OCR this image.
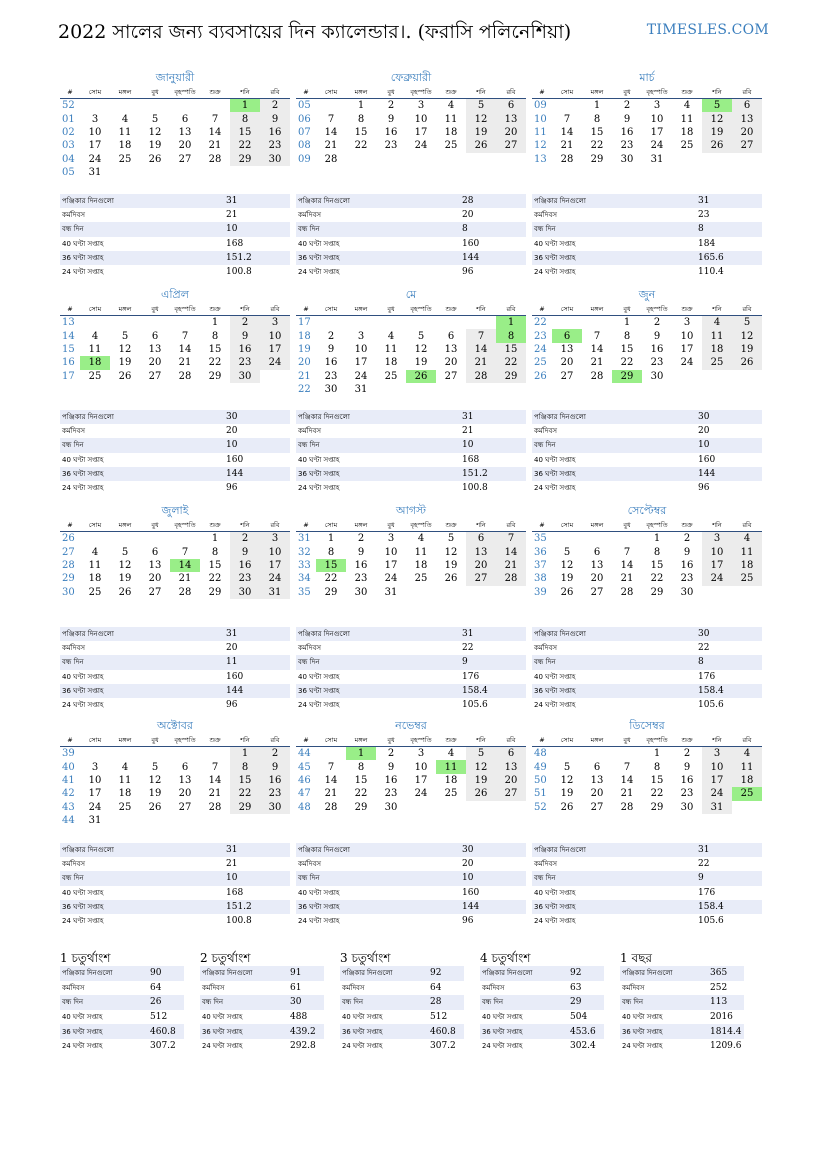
2022 সালের জন্য ব্যবসায়ের দিন ক্যালেন্ডার।. (ফরাসি পলিনেশিয়া)	TIMESLES.COM
জানুয়ারী
#	সোম	মঙ্গল	বুধ	বৃহস্পতি	শুক্র	শনি	রবি
52						1	2
01	3	4	5	6	7	8	9
02	10	11	12	13	14	15	16
03	17	18	19	20	21	22	23
04	24	25	26	27	28	29	30
05	31						
পঞ্জিকার দিনগুলো	31
কর্মদিবস	21
বন্ধ দিন	10
40 ঘণ্টা সপ্তাহ	168
36 ঘণ্টা সপ্তাহ	151.2
24 ঘণ্টা সপ্তাহ	100.8
ফেব্রুয়ারী
#	সোম	মঙ্গল	বুধ	বৃহস্পতি	শুক্র	শনি	রবি
05		1	2	3	4	5	6
06	7	8	9	10	11	12	13
07	14	15	16	17	18	19	20
08	21	22	23	24	25	26	27
09	28						
পঞ্জিকার দিনগুলো	28
কর্মদিবস	20
বন্ধ দিন	8
40 ঘণ্টা সপ্তাহ	160
36 ঘণ্টা সপ্তাহ	144
24 ঘণ্টা সপ্তাহ	96
মার্চ
#	সোম	মঙ্গল	বুধ	বৃহস্পতি	শুক্র	শনি	রবি
09		1	2	3	4	5	6
10	7	8	9	10	11	12	13
11	14	15	16	17	18	19	20
12	21	22	23	24	25	26	27
13	28	29	30	31			
পঞ্জিকার দিনগুলো	31
কর্মদিবস	23
বন্ধ দিন	8
40 ঘণ্টা সপ্তাহ	184
36 ঘণ্টা সপ্তাহ	165.6
24 ঘণ্টা সপ্তাহ	110.4
এপ্রিল
#	সোম	মঙ্গল	বুধ	বৃহস্পতি	শুক্র	শনি	রবি
13					1	2	3
14	4	5	6	7	8	9	10
15	11	12	13	14	15	16	17
16	18	19	20	21	22	23	24
17	25	26	27	28	29	30	
পঞ্জিকার দিনগুলো	30
কর্মদিবস	20
বন্ধ দিন	10
40 ঘণ্টা সপ্তাহ	160
36 ঘণ্টা সপ্তাহ	144
24 ঘণ্টা সপ্তাহ	96
মে
#	সোম	মঙ্গল	বুধ	বৃহস্পতি	শুক্র	শনি	রবি
17							1
18	2	3	4	5	6	7	8
19	9	10	11	12	13	14	15
20	16	17	18	19	20	21	22
21	23	24	25	26	27	28	29
22	30	31					
পঞ্জিকার দিনগুলো	31
কর্মদিবস	21
বন্ধ দিন	10
40 ঘণ্টা সপ্তাহ	168
36 ঘণ্টা সপ্তাহ	151.2
24 ঘণ্টা সপ্তাহ	100.8
জুন
#	সোম	মঙ্গল	বুধ	বৃহস্পতি	শুক্র	শনি	রবি
22			1	2	3	4	5
23	6	7	8	9	10	11	12
24	13	14	15	16	17	18	19
25	20	21	22	23	24	25	26
26	27	28	29	30			
পঞ্জিকার দিনগুলো	30
কর্মদিবস	20
বন্ধ দিন	10
40 ঘণ্টা সপ্তাহ	160
36 ঘণ্টা সপ্তাহ	144
24 ঘণ্টা সপ্তাহ	96
জুলাই
#	সোম	মঙ্গল	বুধ	বৃহস্পতি	শুক্র	শনি	রবি
26					1	2	3
27	4	5	6	7	8	9	10
28	11	12	13	14	15	16	17
29	18	19	20	21	22	23	24
30	25	26	27	28	29	30	31
পঞ্জিকার দিনগুলো	31
কর্মদিবস	20
বন্ধ দিন	11
40 ঘণ্টা সপ্তাহ	160
36 ঘণ্টা সপ্তাহ	144
24 ঘণ্টা সপ্তাহ	96
আগস্ট
#	সোম	মঙ্গল	বুধ	বৃহস্পতি	শুক্র	শনি	রবি
31	1	2	3	4	5	6	7
32	8	9	10	11	12	13	14
33	15	16	17	18	19	20	21
34	22	23	24	25	26	27	28
35	29	30	31				
পঞ্জিকার দিনগুলো	31
কর্মদিবস	22
বন্ধ দিন	9
40 ঘণ্টা সপ্তাহ	176
36 ঘণ্টা সপ্তাহ	158.4
24 ঘণ্টা সপ্তাহ	105.6
সেপ্টেম্বর
#	সোম	মঙ্গল	বুধ	বৃহস্পতি	শুক্র	শনি	রবি
35				1	2	3	4
36	5	6	7	8	9	10	11
37	12	13	14	15	16	17	18
38	19	20	21	22	23	24	25
39	26	27	28	29	30		
পঞ্জিকার দিনগুলো	30
কর্মদিবস	22
বন্ধ দিন	8
40 ঘণ্টা সপ্তাহ	176
36 ঘণ্টা সপ্তাহ	158.4
24 ঘণ্টা সপ্তাহ	105.6
অক্টোবর
#	সোম	মঙ্গল	বুধ	বৃহস্পতি	শুক্র	শনি	রবি
39						1	2
40	3	4	5	6	7	8	9
41	10	11	12	13	14	15	16
42	17	18	19	20	21	22	23
43	24	25	26	27	28	29	30
44	31						
পঞ্জিকার দিনগুলো	31
কর্মদিবস	21
বন্ধ দিন	10
40 ঘণ্টা সপ্তাহ	168
36 ঘণ্টা সপ্তাহ	151.2
24 ঘণ্টা সপ্তাহ	100.8
নভেম্বর
#	সোম	মঙ্গল	বুধ	বৃহস্পতি	শুক্র	শনি	রবি
44		1	2	3	4	5	6
45	7	8	9	10	11	12	13
46	14	15	16	17	18	19	20
47	21	22	23	24	25	26	27
48	28	29	30				
পঞ্জিকার দিনগুলো	30
কর্মদিবস	20
বন্ধ দিন	10
40 ঘণ্টা সপ্তাহ	160
36 ঘণ্টা সপ্তাহ	144
24 ঘণ্টা সপ্তাহ	96
ডিসেম্বর
#	সোম	মঙ্গল	বুধ	বৃহস্পতি	শুক্র	শনি	রবি
48				1	2	3	4
49	5	6	7	8	9	10	11
50	12	13	14	15	16	17	18
51	19	20	21	22	23	24	25
52	26	27	28	29	30	31	
পঞ্জিকার দিনগুলো	31
কর্মদিবস	22
বন্ধ দিন	9
40 ঘণ্টা সপ্তাহ	176
36 ঘণ্টা সপ্তাহ	158.4
24 ঘণ্টা সপ্তাহ	105.6
1 চতুর্থাংশ
পঞ্জিকার দিনগুলো	90
কর্মদিবস	64
বন্ধ দিন	26
40 ঘণ্টা সপ্তাহ	512
36 ঘণ্টা সপ্তাহ	460.8
24 ঘণ্টা সপ্তাহ	307.2
2 চতুর্থাংশ
পঞ্জিকার দিনগুলো	91
কর্মদিবস	61
বন্ধ দিন	30
40 ঘণ্টা সপ্তাহ	488
36 ঘণ্টা সপ্তাহ	439.2
24 ঘণ্টা সপ্তাহ	292.8
3 চতুর্থাংশ
পঞ্জিকার দিনগুলো	92
কর্মদিবস	64
বন্ধ দিন	28
40 ঘণ্টা সপ্তাহ	512
36 ঘণ্টা সপ্তাহ	460.8
24 ঘণ্টা সপ্তাহ	307.2
4 চতুর্থাংশ
পঞ্জিকার দিনগুলো	92
কর্মদিবস	63
বন্ধ দিন	29
40 ঘণ্টা সপ্তাহ	504
36 ঘণ্টা সপ্তাহ	453.6
24 ঘণ্টা সপ্তাহ	302.4
1 বছর
পঞ্জিকার দিনগুলো	365
কর্মদিবস	252
বন্ধ দিন	113
40 ঘণ্টা সপ্তাহ	2016
36 ঘণ্টা সপ্তাহ	1814.4
24 ঘণ্টা সপ্তাহ	1209.6
